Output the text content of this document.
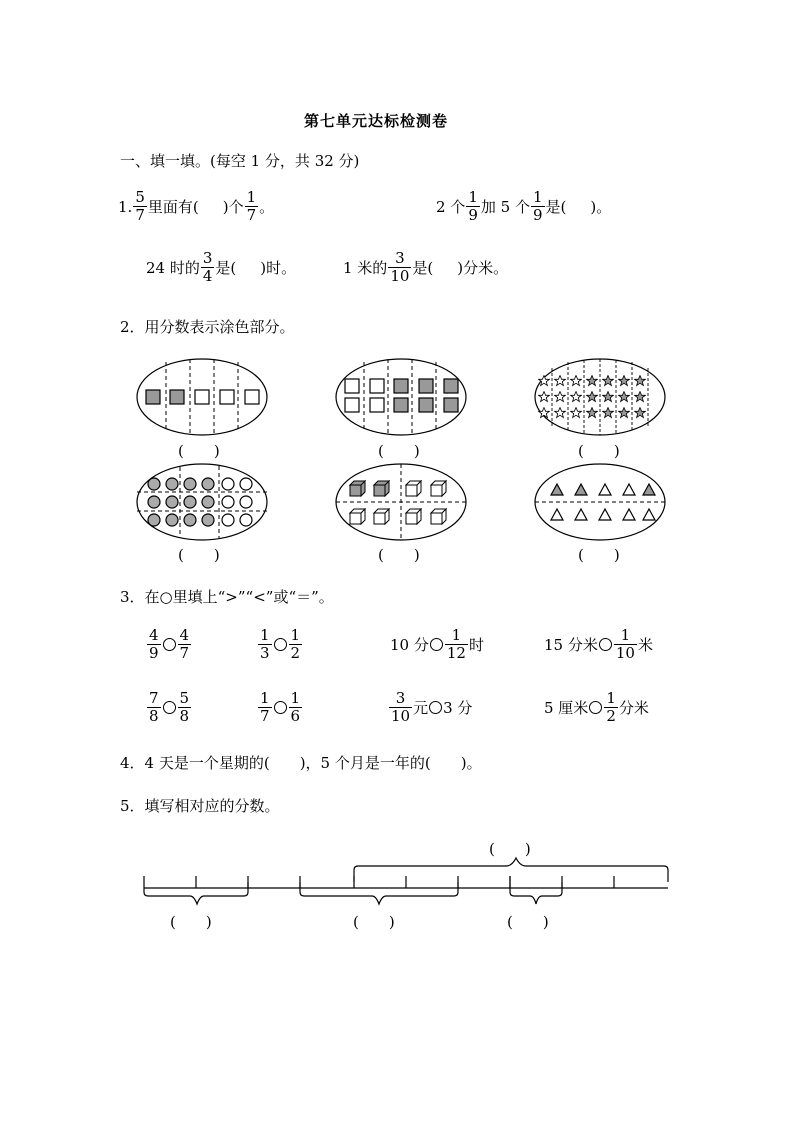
第七单元达标检测卷
一、填一填。(每空 1 分，共 32 分)
1. $\frac{5}{7}$ 里面有( )个 $\frac{1}{7}$ 。	2 个 $\frac{1}{9}$ 加 5 个 $\frac{1}{9}$ 是( )。
24 时的 $\frac{3}{4}$ 是( )时。	1 米的 $\frac{3}{10}$ 是( )分米。
2．用分数表示涂色部分。
(　　)	(　　)	(　　)
(　　)	(　　)	(　　)
3．在○里填上“>”“<”或“＝”。
$\frac{4}{9} \frac{4}{7}$	$\frac{1}{3} \frac{1}{2}$	10 分 $\frac{1}{12}$ 时	15 分米 $\frac{1}{10}$ 米
$\frac{7}{8} \frac{5}{8}$	$\frac{1}{7} \frac{1}{6}$	$\frac{3}{10}$ 元 3 分	5 厘米 $\frac{1}{2}$ 分米
4．4 天是一个星期的(　　)，5 个月是一年的(　　)。
5．填写相对应的分数。
(　　)
(　　)	(　　)	(　　)
